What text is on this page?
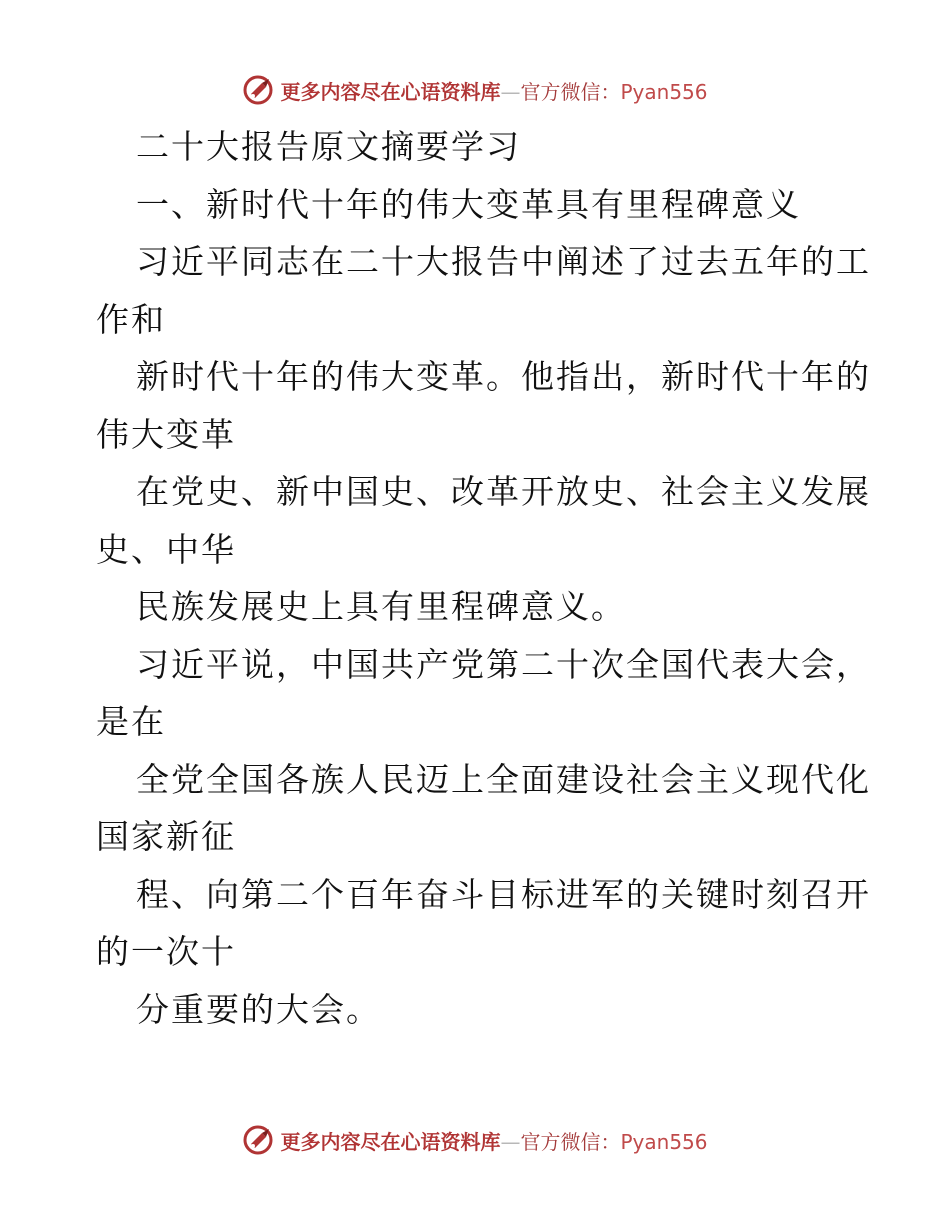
更多内容尽在心语资料库—官方微信：Pyan556
二十大报告原文摘要学习
一、新时代十年的伟大变革具有里程碑意义
习近平同志在二十大报告中阐述了过去五年的工
作和
新时代十年的伟大变革。他指出，新时代十年的
伟大变革
在党史、新中国史、改革开放史、社会主义发展
史、中华
民族发展史上具有里程碑意义。
习近平说，中国共产党第二十次全国代表大会，
是在
全党全国各族人民迈上全面建设社会主义现代化
国家新征
程、向第二个百年奋斗目标进军的关键时刻召开
的一次十
分重要的大会。
更多内容尽在心语资料库—官方微信：Pyan556
